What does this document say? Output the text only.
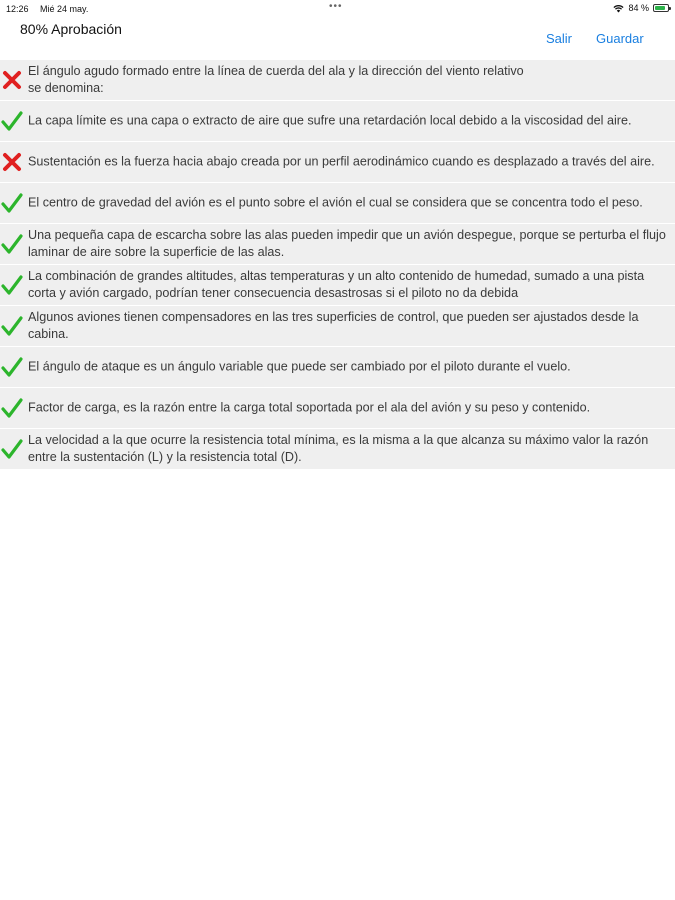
12:26 Mié 24 may.	•••	84 %
80% Aprobación
Salir Guardar
El ángulo agudo formado entre la línea de cuerda del ala y la dirección del viento relativo
se denomina:
La capa límite es una capa o extracto de aire que sufre una retardación local debido a la viscosidad del aire.
Sustentación es la fuerza hacia abajo creada por un perfil aerodinámico cuando es desplazado a través del aire.
El centro de gravedad del avión es el punto sobre el avión el cual se considera que se concentra todo el peso.
Una pequeña capa de escarcha sobre las alas pueden impedir que un avión despegue, porque se perturba el flujo laminar de aire sobre la superficie de las alas.
La combinación de grandes altitudes, altas temperaturas y un alto contenido de humedad, sumado a una pista corta y avión cargado, podrían tener consecuencia desastrosas si el piloto no da debida
Algunos aviones tienen compensadores en las tres superficies de control, que pueden ser ajustados desde la cabina.
El ángulo de ataque es un ángulo variable que puede ser cambiado por el piloto durante el vuelo.
Factor de carga, es la razón entre la carga total soportada por el ala del avión y su peso y contenido.
La velocidad a la que ocurre la resistencia total mínima, es la misma a la que alcanza su máximo valor la razón entre la sustentación (L) y la resistencia total (D).
